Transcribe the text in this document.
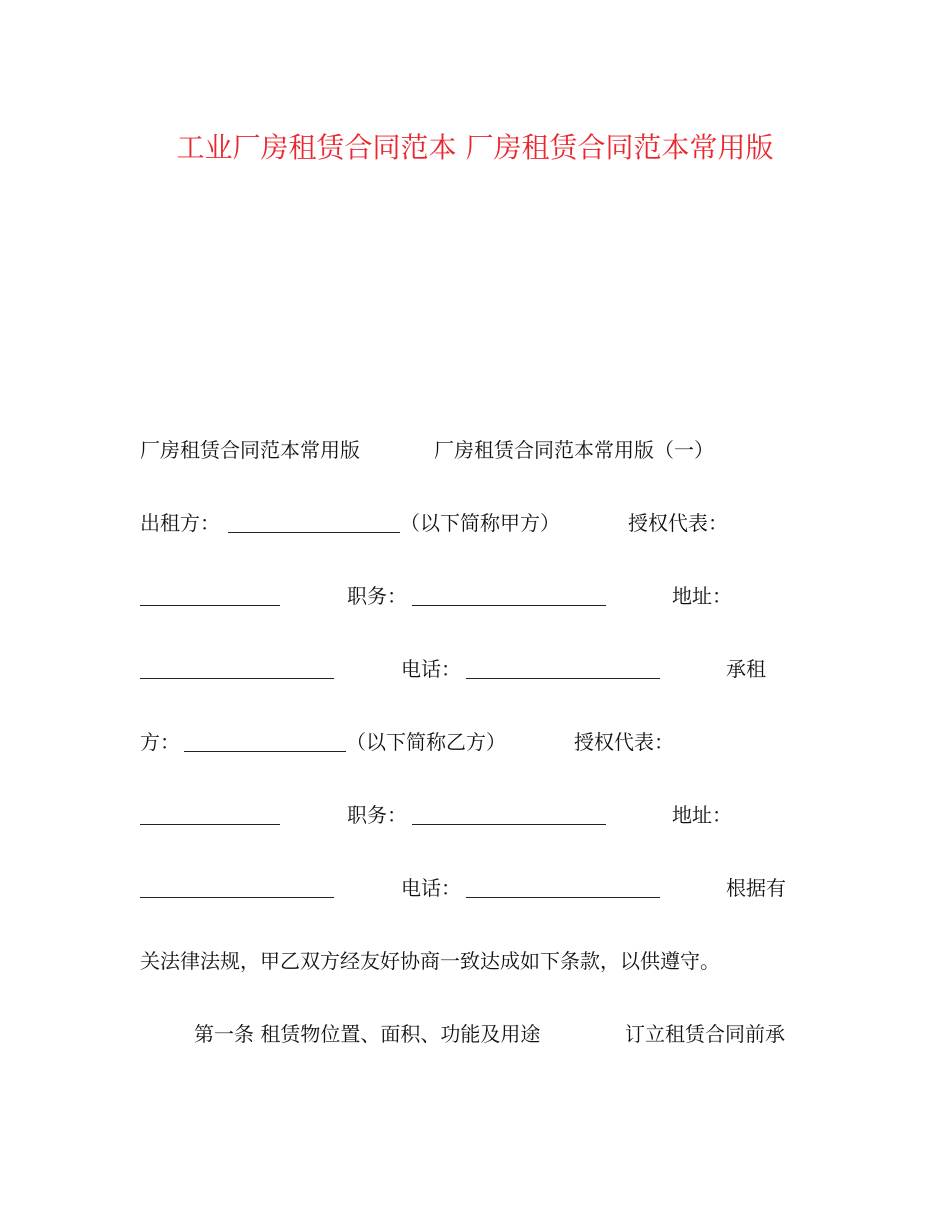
工业厂房租赁合同范本 厂房租赁合同范本常用版
厂房租赁合同范本常用版	厂房租赁合同范本常用版（一）
出租方：	（以下简称甲方）	授权代表：
职务：	地址：
电话：	承租
方：	（以下简称乙方）	授权代表：
职务：	地址：
电话：	根据有
关法律法规，甲乙双方经友好协商一致达成如下条款，以供遵守。
第一条 租赁物位置、面积、功能及用途	订立租赁合同前承
